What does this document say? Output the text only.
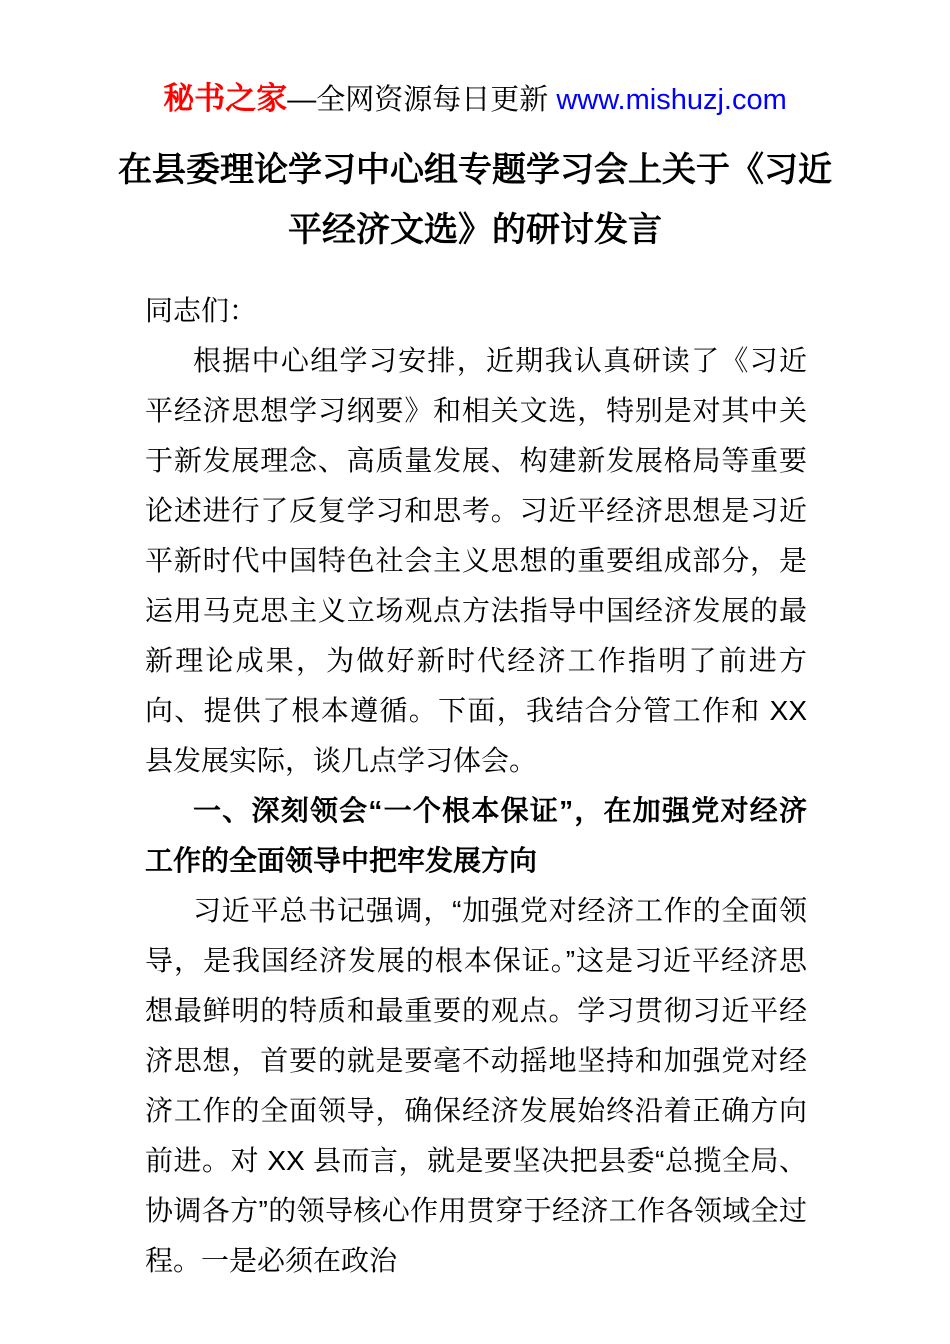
秘书之家—全网资源每日更新 www.mishuzj.com
在县委理论学习中心组专题学习会上关于《习近平经济文选》的研讨发言

同志们：

根据中心组学习安排，近期我认真研读了《习近平经济思想学习纲要》和相关文选，特别是对其中关于新发展理念、高质量发展、构建新发展格局等重要论述进行了反复学习和思考。习近平经济思想是习近平新时代中国特色社会主义思想的重要组成部分，是运用马克思主义立场观点方法指导中国经济发展的最新理论成果，为做好新时代经济工作指明了前进方向、提供了根本遵循。下面，我结合分管工作和 XX 县发展实际，谈几点学习体会。

一、深刻领会“一个根本保证”，在加强党对经济工作的全面领导中把牢发展方向

习近平总书记强调，“加强党对经济工作的全面领导，是我国经济发展的根本保证。”这是习近平经济思想最鲜明的特质和最重要的观点。学习贯彻习近平经济思想，首要的就是要毫不动摇地坚持和加强党对经济工作的全面领导，确保经济发展始终沿着正确方向前进。对 XX 县而言，就是要坚决把县委“总揽全局、协调各方”的领导核心作用贯穿于经济工作各领域全过程。一是必须在政治
